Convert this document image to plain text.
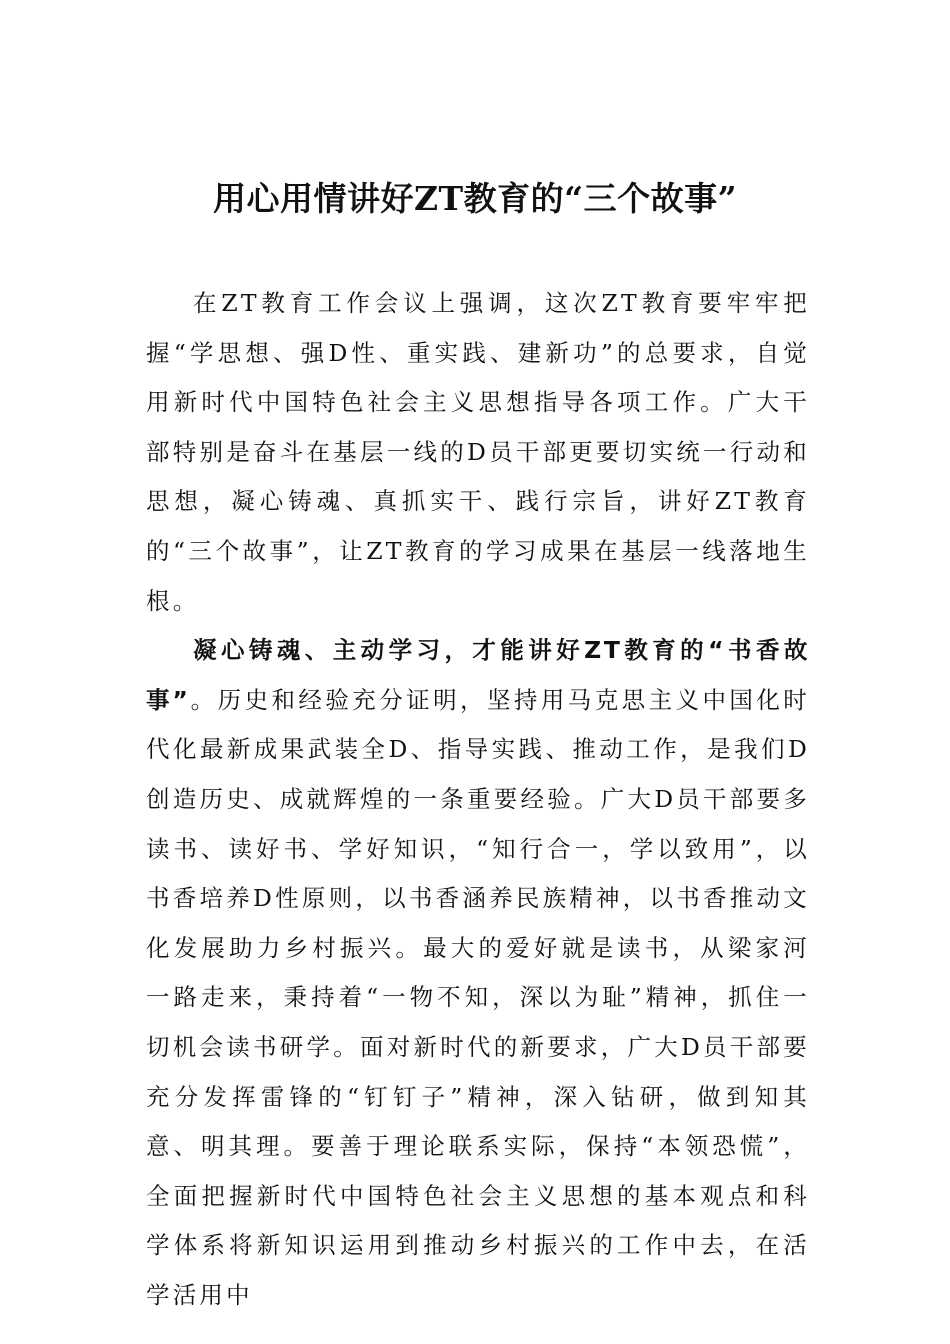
用心用情讲好ZT教育的“三个故事”

在ZT教育工作会议上强调，这次ZT教育要牢牢把握“学思想、强D性、重实践、建新功”的总要求，自觉用新时代中国特色社会主义思想指导各项工作。广大干部特别是奋斗在基层一线的D员干部更要切实统一行动和思想，凝心铸魂、真抓实干、践行宗旨，讲好ZT教育的“三个故事”，让ZT教育的学习成果在基层一线落地生根。

凝心铸魂、主动学习，才能讲好ZT教育的“书香故事”。历史和经验充分证明，坚持用马克思主义中国化时代化最新成果武装全D、指导实践、推动工作，是我们D创造历史、成就辉煌的一条重要经验。广大D员干部要多读书、读好书、学好知识，“知行合一，学以致用”，以书香培养D性原则，以书香涵养民族精神，以书香推动文化发展助力乡村振兴。最大的爱好就是读书，从梁家河一路走来，秉持着“一物不知，深以为耻”精神，抓住一切机会读书研学。面对新时代的新要求，广大D员干部要充分发挥雷锋的“钉钉子”精神，深入钻研，做到知其意、明其理。要善于理论联系实际，保持“本领恐慌”，全面把握新时代中国特色社会主义思想的基本观点和科学体系将新知识运用到推动乡村振兴的工作中去，在活学活用中
